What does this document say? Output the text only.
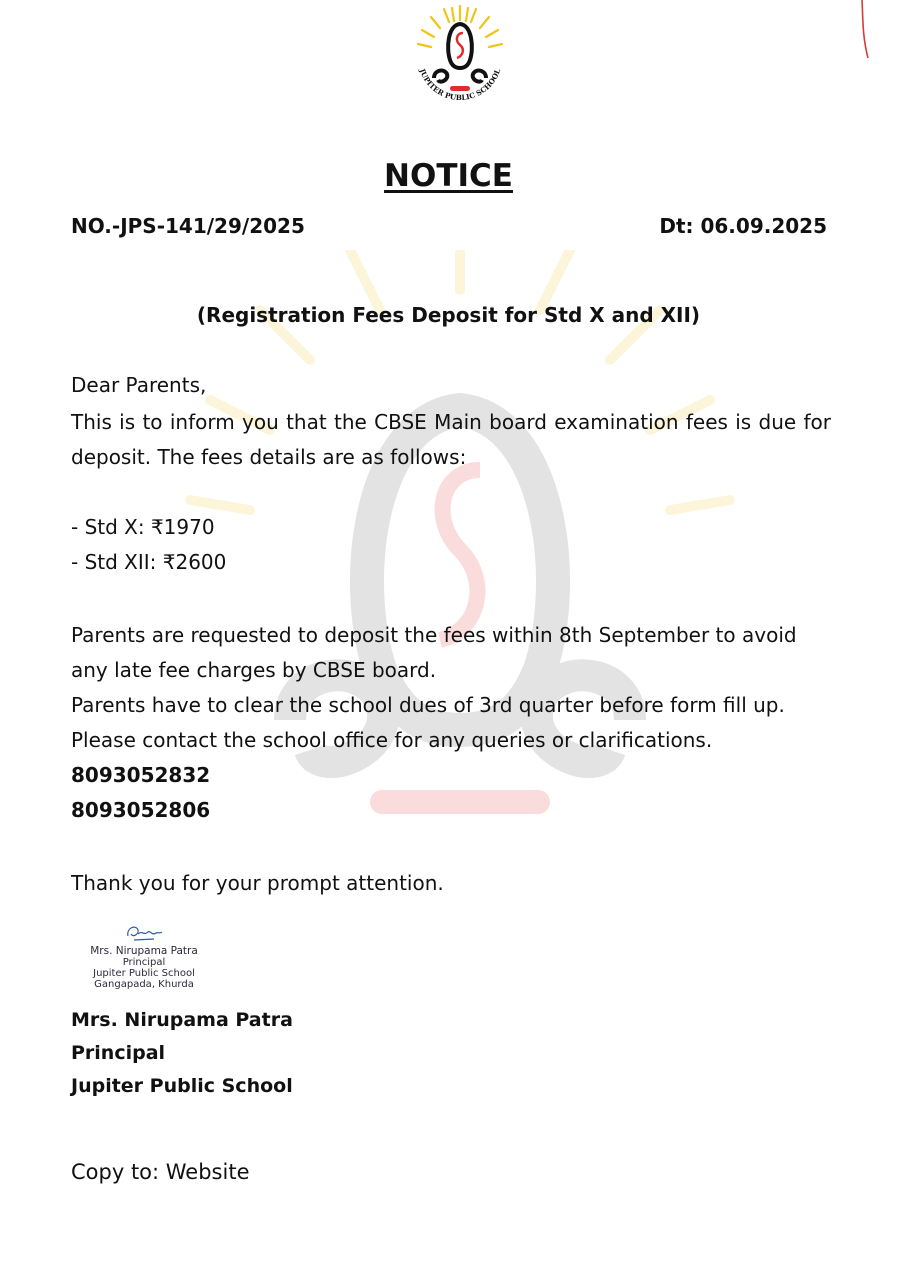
JUPITER PUBLIC SCHOOL
NOTICE
NO.-JPS-141/29/2025	Dt: 06.09.2025
(Registration Fees Deposit for Std X and XII)
Dear Parents,
This is to inform you that the CBSE Main board examination fees is due for deposit. The fees details are as follows:

- Std X: ₹1970

- Std XII: ₹2600

Parents are requested to deposit the fees within 8th September to avoid any late fee charges by CBSE board.

Parents have to clear the school dues of 3rd quarter before form fill up.

Please contact the school office for any queries or clarifications.

8093052832

8093052806

Thank you for your prompt attention.
Mrs. Nirupama Patra
Principal
Jupiter Public School
Gangapada, Khurda
Mrs. Nirupama Patra
Principal
Jupiter Public School
Copy to: Website
